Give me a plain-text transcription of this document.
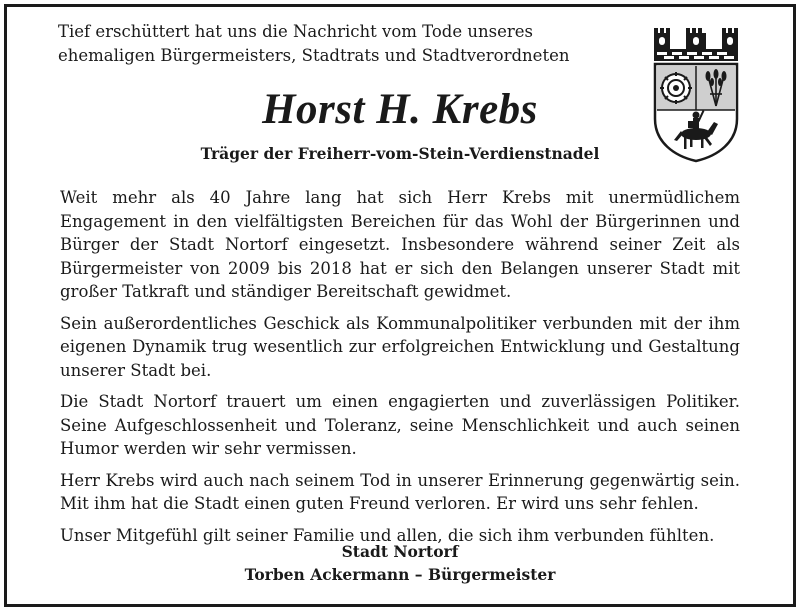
Tief erschüttert hat uns die Nachricht vom Tode unseres ehemaligen Bürgermeisters, Stadtrats und Stadtverordneten
Horst H. Krebs
Träger der Freiherr-vom-Stein-Verdienstnadel

Weit mehr als 40 Jahre lang hat sich Herr Krebs mit unermüdlichem Engagement in den vielfältigsten Bereichen für das Wohl der Bürgerinnen und Bürger der Stadt Nortorf eingesetzt. Insbesondere während seiner Zeit als Bürgermeister von 2009 bis 2018 hat er sich den Belangen unserer Stadt mit großer Tatkraft und ständiger Bereitschaft gewidmet.

Sein außerordentliches Geschick als Kommunalpolitiker verbunden mit der ihm eigenen Dynamik trug wesentlich zur erfolgreichen Entwicklung und Gestaltung unserer Stadt bei.

Die Stadt Nortorf trauert um einen engagierten und zuverlässigen Politiker. Seine Aufgeschlossenheit und Toleranz, seine Menschlichkeit und auch seinen Humor werden wir sehr vermissen.

Herr Krebs wird auch nach seinem Tod in unserer Erinnerung gegenwärtig sein. Mit ihm hat die Stadt einen guten Freund verloren. Er wird uns sehr fehlen.

Unser Mitgefühl gilt seiner Familie und allen, die sich ihm verbunden fühlten.

Stadt Nortorf
Torben Ackermann – Bürgermeister
